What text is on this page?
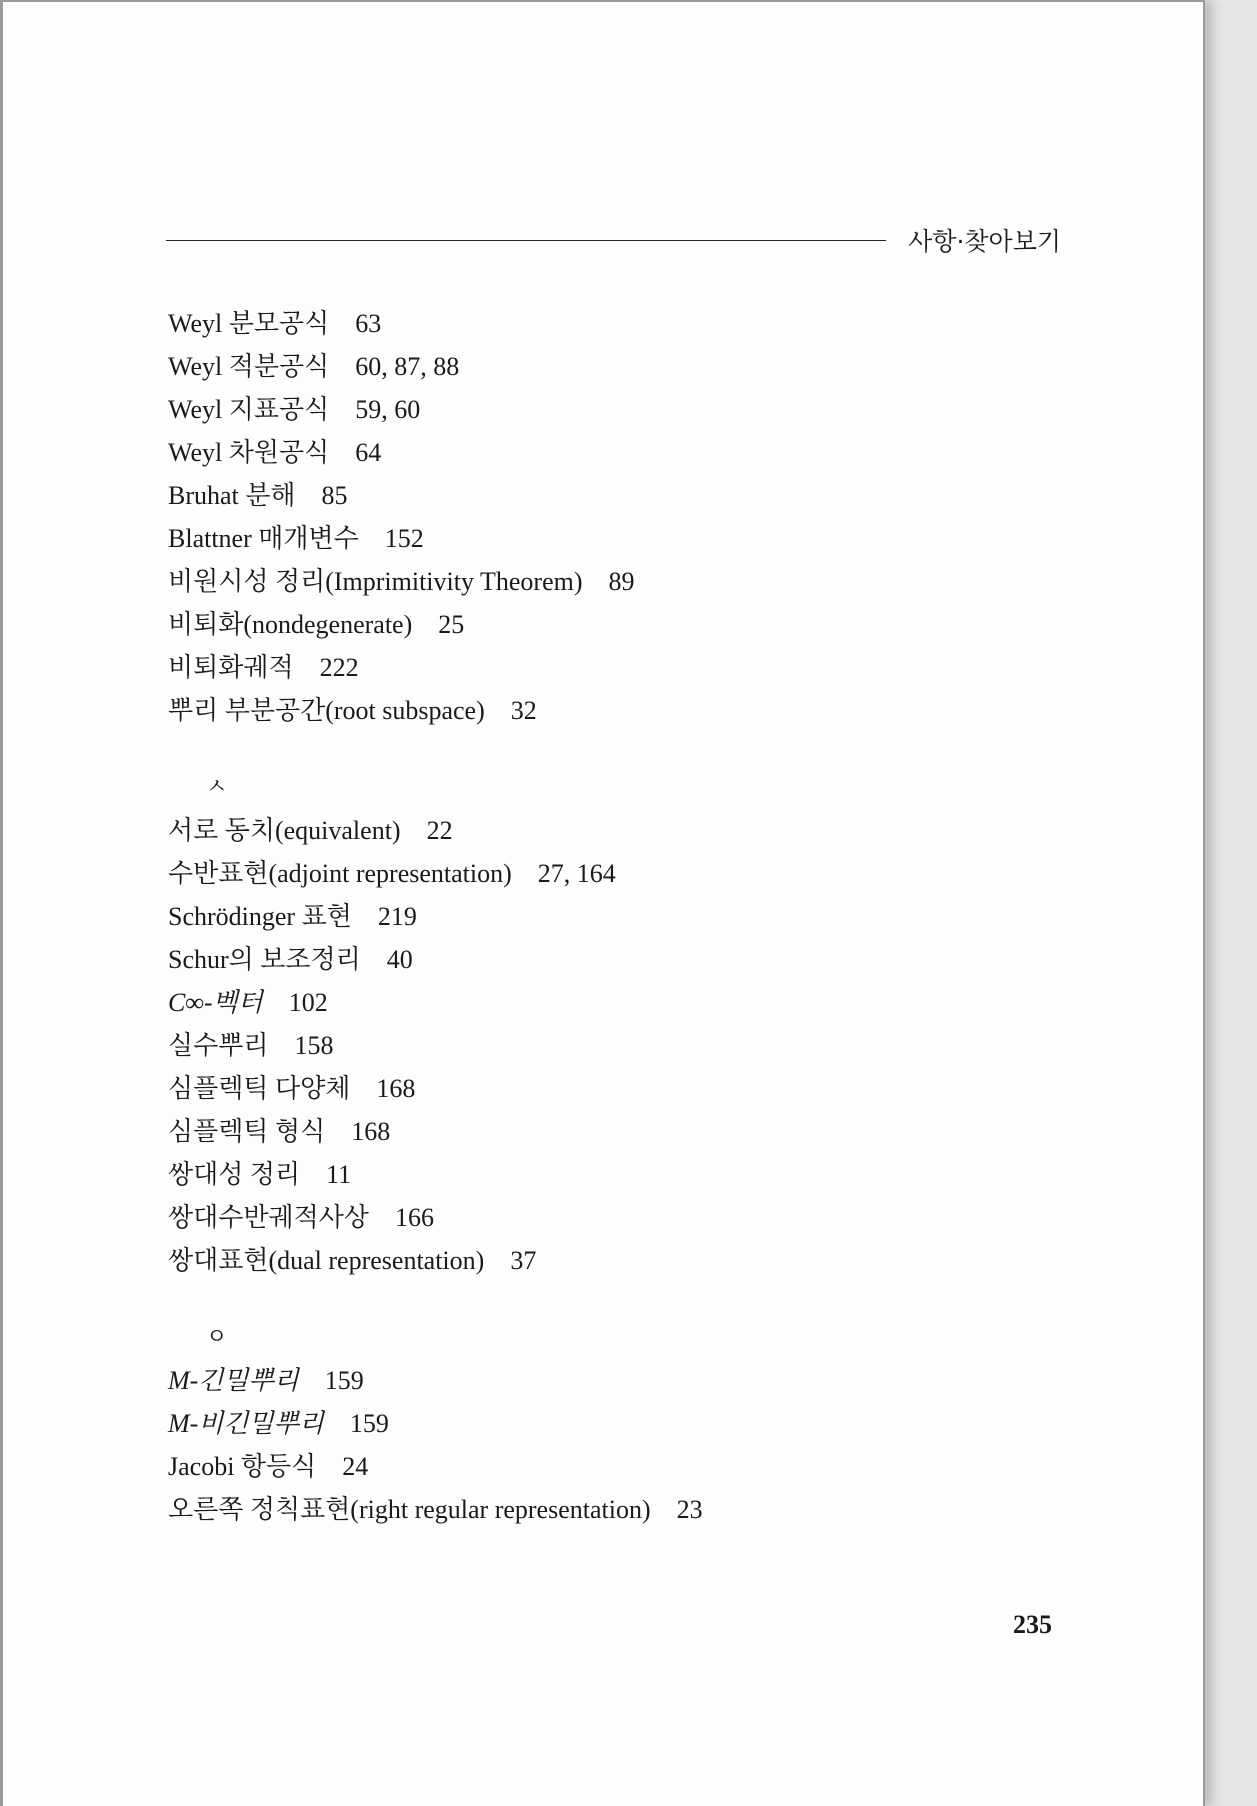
사항·찾아보기
Weyl 분모공식 63
Weyl 적분공식 60, 87, 88
Weyl 지표공식 59, 60
Weyl 차원공식 64
Bruhat 분해 85
Blattner 매개변수 152
비원시성 정리(Imprimitivity Theorem) 89
비퇴화(nondegenerate) 25
비퇴화궤적 222
뿌리 부분공간(root subspace) 32
ㅅ
서로 동치(equivalent) 22
수반표현(adjoint representation) 27, 164
Schrödinger 표현 219
Schur의 보조정리 40
C∞-벡터 102
실수뿌리 158
심플렉틱 다양체 168
심플렉틱 형식 168
쌍대성 정리 11
쌍대수반궤적사상 166
쌍대표현(dual representation) 37
ㅇ
M-긴밀뿌리 159
M-비긴밀뿌리 159
Jacobi 항등식 24
오른쪽 정칙표현(right regular representation) 23
235
